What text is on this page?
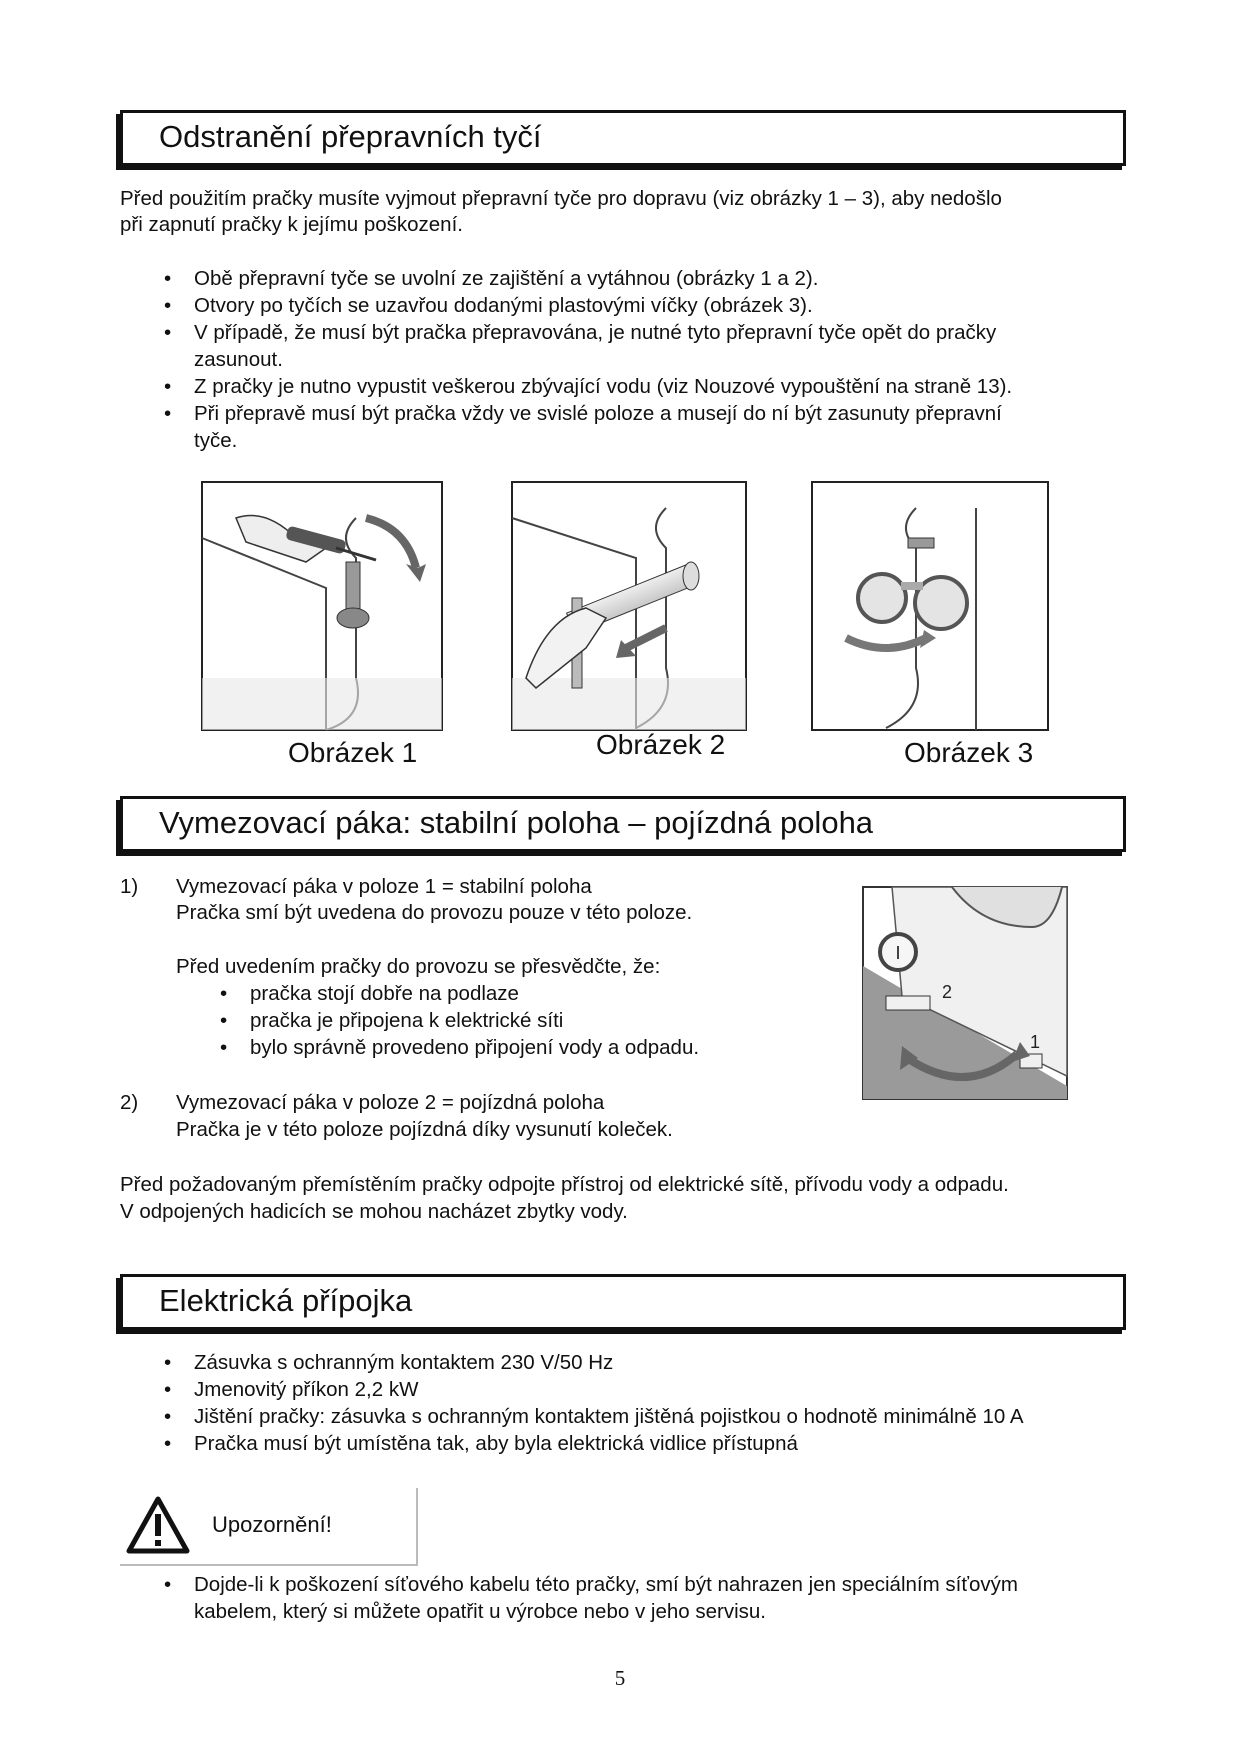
Odstranění přepravních tyčí
Před použitím pračky musíte vyjmout přepravní tyče pro dopravu (viz obrázky 1 – 3), aby nedošlo
při zapnutí pračky k jejímu poškození.
• Obě přepravní tyče se uvolní ze zajištění a vytáhnou (obrázky 1 a 2).
• Otvory po tyčích se uzavřou dodanými plastovými víčky (obrázek 3).
• V případě, že musí být pračka přepravována, je nutné tyto přepravní tyče opět do pračky
zasunout.
• Z pračky je nutno vypustit veškerou zbývající vodu (viz Nouzové vypouštění na straně 13).
• Při přepravě musí být pračka vždy ve svislé poloze a musejí do ní být zasunuty přepravní
tyče.
Obrázek 1	Obrázek 2	Obrázek 3
Vymezovací páka: stabilní poloha – pojízdná poloha
1) Vymezovací páka v poloze 1 = stabilní poloha
Pračka smí být uvedena do provozu pouze v této poloze.
Před uvedením pračky do provozu se přesvědčte, že:
• pračka stojí dobře na podlaze
• pračka je připojena k elektrické síti
• bylo správně provedeno připojení vody a odpadu.
2) Vymezovací páka v poloze 2 = pojízdná poloha
Pračka je v této poloze pojízdná díky vysunutí koleček.
I
2
1
Před požadovaným přemístěním pračky odpojte přístroj od elektrické sítě, přívodu vody a odpadu.
V odpojených hadicích se mohou nacházet zbytky vody.
Elektrická přípojka
• Zásuvka s ochranným kontaktem 230 V/50 Hz
• Jmenovitý příkon 2,2 kW
• Jištění pračky: zásuvka s ochranným kontaktem jištěná pojistkou o hodnotě minimálně 10 A
• Pračka musí být umístěna tak, aby byla elektrická vidlice přístupná
Upozornění!
• Dojde-li k poškození síťového kabelu této pračky, smí být nahrazen jen speciálním síťovým
kabelem, který si můžete opatřit u výrobce nebo v jeho servisu.
5
